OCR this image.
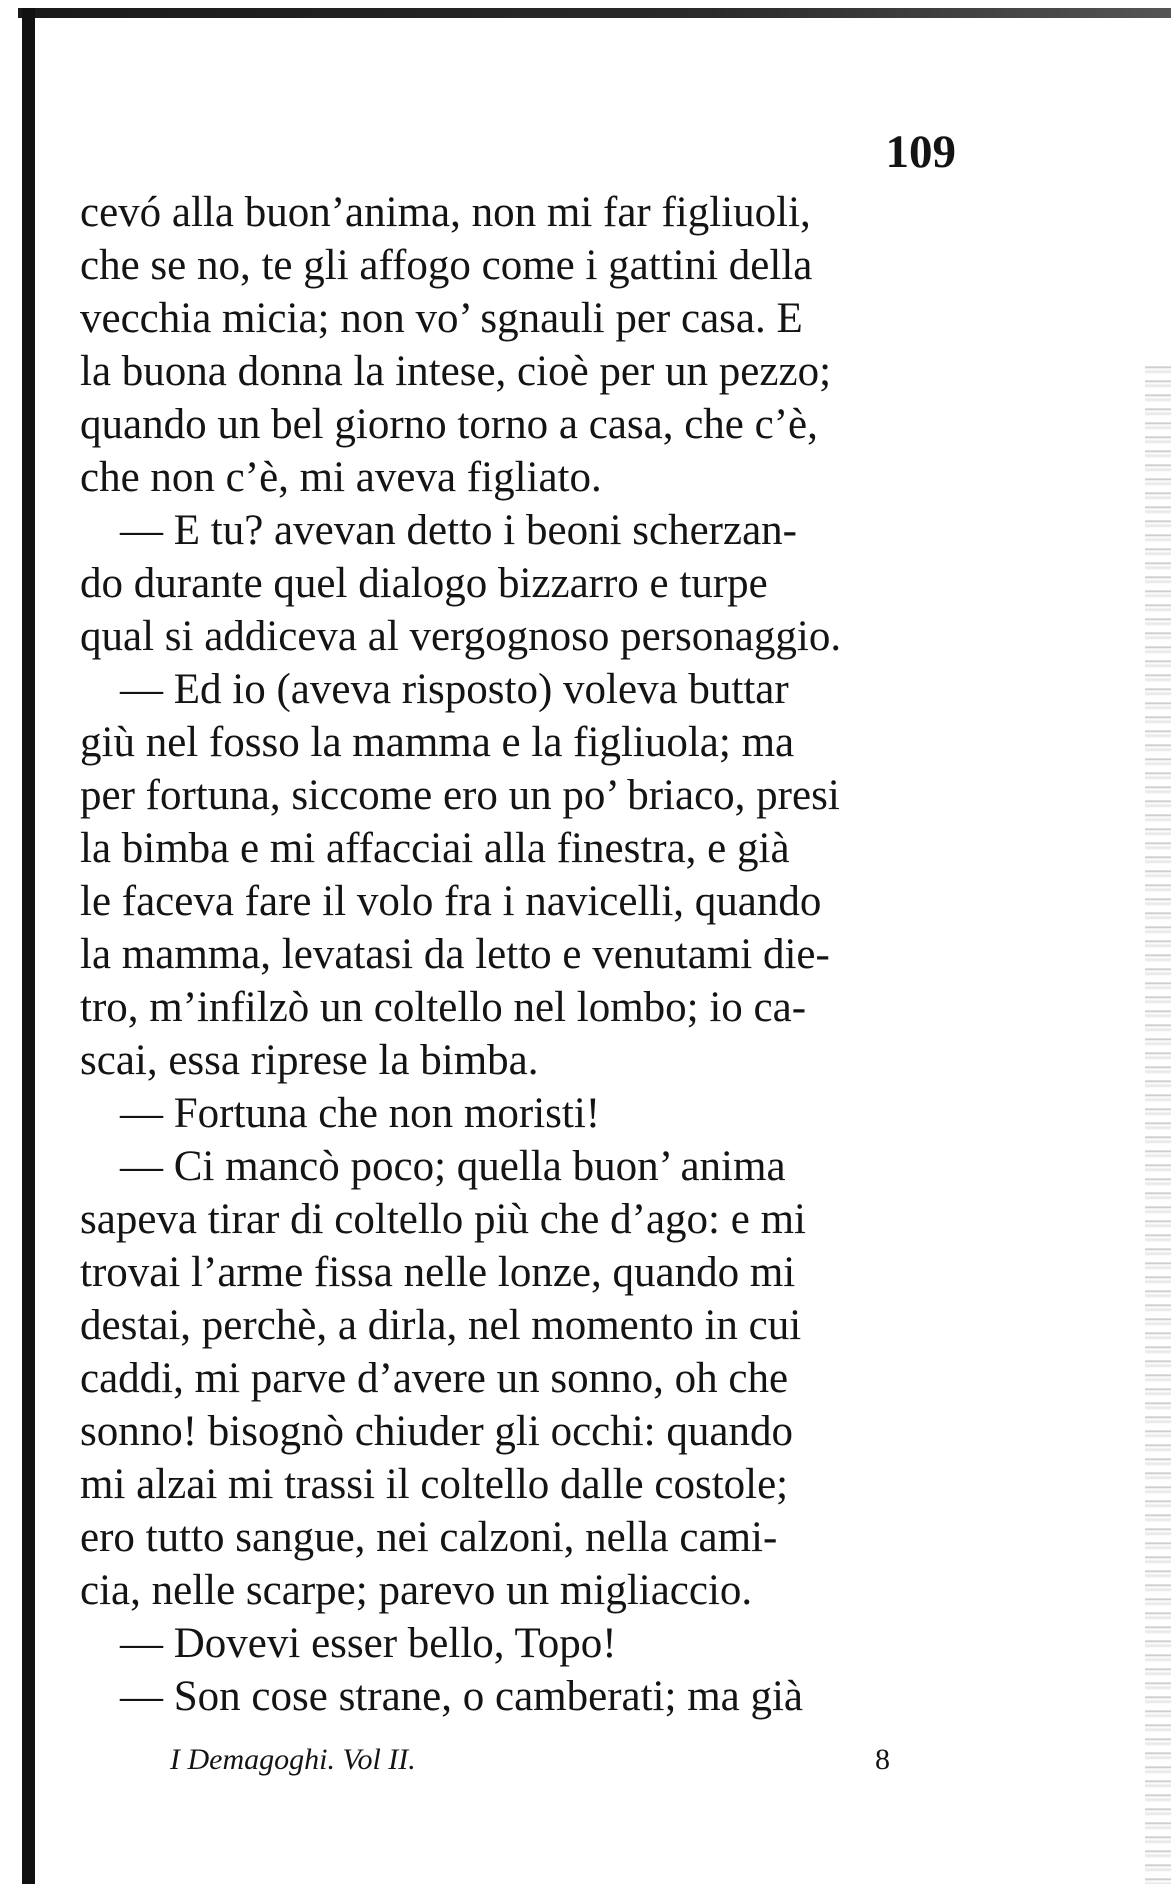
109
cevó alla buon’anima, non mi far figliuoli,
che se no, te gli affogo come i gattini della
vecchia micia; non vo’ sgnauli per casa. E
la buona donna la intese, cioè per un pezzo;
quando un bel giorno torno a casa, che c’è,
che non c’è, mi aveva figliato.
— E tu? avevan detto i beoni scherzan-
do durante quel dialogo bizzarro e turpe
qual si addiceva al vergognoso personaggio.
— Ed io (aveva risposto) voleva buttar
giù nel fosso la mamma e la figliuola; ma
per fortuna, siccome ero un po’ briaco, presi
la bimba e mi affacciai alla finestra, e già
le faceva fare il volo fra i navicelli, quando
la mamma, levatasi da letto e venutami die-
tro, m’infilzò un coltello nel lombo; io ca-
scai, essa riprese la bimba.
— Fortuna che non moristi!
— Ci mancò poco; quella buon’ anima
sapeva tirar di coltello più che d’ago: e mi
trovai l’arme fissa nelle lonze, quando mi
destai, perchè, a dirla, nel momento in cui
caddi, mi parve d’avere un sonno, oh che
sonno! bisognò chiuder gli occhi: quando
mi alzai mi trassi il coltello dalle costole;
ero tutto sangue, nei calzoni, nella cami-
cia, nelle scarpe; parevo un migliaccio.
— Dovevi esser bello, Topo!
— Son cose strane, o camberati; ma già
I Demagoghi. Vol II.	8
